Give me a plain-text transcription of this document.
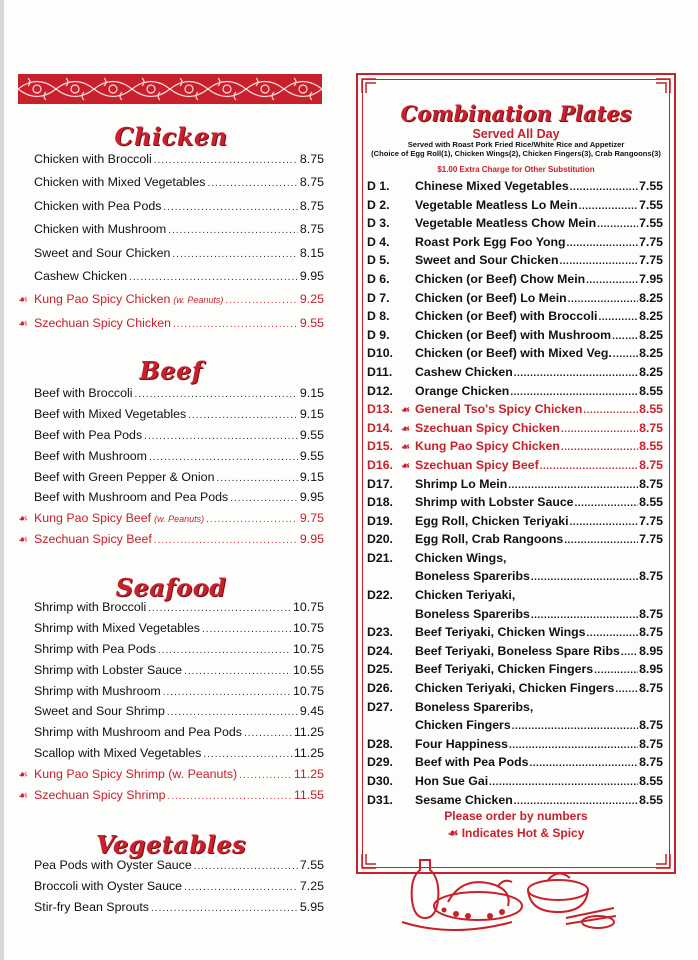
Chicken
Chicken with Broccoli .....	8.75
Chicken with Mixed Vegetables .....	8.75
Chicken with Pea Pods .....	8.75
Chicken with Mushroom .....	8.75
Sweet and Sour Chicken .....	8.15
Cashew Chicken .....	9.95
☙ Kung Pao Spicy Chicken (w. Peanuts) .....	9.25
☙ Szechuan Spicy Chicken .....	9.55
Beef
Beef with Broccoli .....	9.15
Beef with Mixed Vegetables .....	9.15
Beef with Pea Pods .....	9.55
Beef with Mushroom .....	9.55
Beef with Green Pepper & Onion .....	9.15
Beef with Mushroom and Pea Pods .....	9.95
☙ Kung Pao Spicy Beef (w. Peanuts) .....	9.75
☙ Szechuan Spicy Beef .....	9.95
Seafood
Shrimp with Broccoli .....	10.75
Shrimp with Mixed Vegetables .....	10.75
Shrimp with Pea Pods .....	10.75
Shrimp with Lobster Sauce .....	10.55
Shrimp with Mushroom .....	10.75
Sweet and Sour Shrimp .....	9.45
Shrimp with Mushroom and Pea Pods .....	11.25
Scallop with Mixed Vegetables .....	11.25
☙ Kung Pao Spicy Shrimp (w. Peanuts) .....	11.25
☙ Szechuan Spicy Shrimp .....	11.55
Vegetables
Pea Pods with Oyster Sauce .....	7.55
Broccoli with Oyster Sauce .....	7.25
Stir-fry Bean Sprouts .....	5.95
Combination Plates
Served All Day
Served with Roast Pork Fried Rice/White Rice and Appetizer
(Choice of Egg Roll(1), Chicken Wings(2), Chicken Fingers(3), Crab Rangoons(3)
$1.00 Extra Charge for Other Substitution
D 1.	Chinese Mixed Vegetables .....	7.55
D 2.	Vegetable Meatless Lo Mein .....	7.55
D 3.	Vegetable Meatless Chow Mein .....	7.55
D 4.	Roast Pork Egg Foo Yong .....	7.75
D 5.	Sweet and Sour Chicken .....	7.75
D 6.	Chicken (or Beef) Chow Mein .....	7.95
D 7.	Chicken (or Beef) Lo Mein .....	8.25
D 8.	Chicken (or Beef) with Broccoli .....	8.25
D 9.	Chicken (or Beef) with Mushroom ..... 8.25
D10.	Chicken (or Beef) with Mixed Veg. ..... 8.25
D11.	Cashew Chicken .....	8.25
D12.	Orange Chicken .....	8.55
D13. ☙ General Tso's Spicy Chicken .....	8.55
D14. ☙ Szechuan Spicy Chicken .....	8.75
D15. ☙ Kung Pao Spicy Chicken .....	8.55
D16. ☙ Szechuan Spicy Beef .....	8.75
D17.	Shrimp Lo Mein .....	8.75
D18.	Shrimp with Lobster Sauce .....	8.55
D19.	Egg Roll, Chicken Teriyaki .....	7.75
D20.	Egg Roll, Crab Rangoons .....	7.75
D21.	Chicken Wings,
Boneless Spareribs .....	8.75
D22.	Chicken Teriyaki,
Boneless Spareribs .....	8.75
D23.	Beef Teriyaki, Chicken Wings .....	8.75
D24.	Beef Teriyaki, Boneless Spare Ribs ..... 8.95
D25.	Beef Teriyaki, Chicken Fingers .....	8.95
D26.	Chicken Teriyaki, Chicken Fingers ..... 8.75
D27.	Boneless Spareribs,
Chicken Fingers .....	8.75
D28.	Four Happiness .....	8.75
D29.	Beef with Pea Pods .....	8.75
D30.	Hon Sue Gai .....	8.55
D31.	Sesame Chicken .....	8.55
Please order by numbers
☙ Indicates Hot & Spicy
